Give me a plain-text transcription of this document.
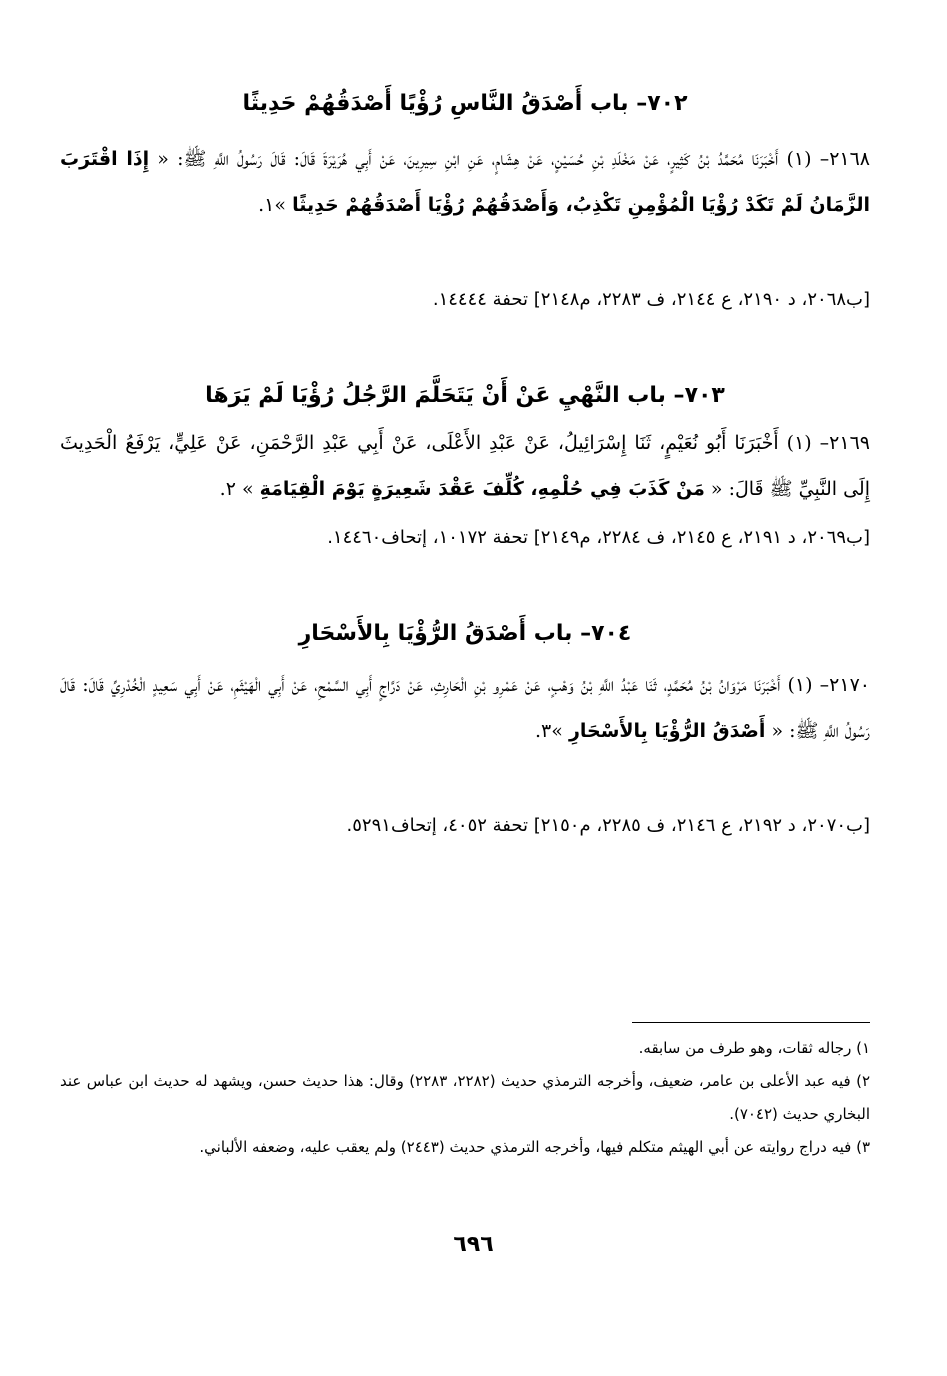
٧٠٢– باب أَصْدَقُ النَّاسِ رُؤْيًا أَصْدَقُهُمْ حَدِيثًا
٢١٦٨– (١) أَخْبَرَنَا مُحَمَّدُ بْنُ كَثِيرٍ، عَنْ مَخْلَدِ بْنِ حُسَيْنٍ، عَنْ هِشَامٍ، عَنِ ابْنِ سِيرِينَ، عَنْ أَبِي هُرَيْرَةَ قَالَ: قَالَ رَسُولُ اللَّهِ ﷺ: « إِذَا اقْتَرَبَ الزَّمَانُ لَمْ تَكَدْ رُؤْيَا الْمُؤْمِنِ تَكْذِبُ، وَأَصْدَقُهُمْ رُؤْيَا أَصْدَقُهُمْ حَدِيثًا »١.
[ب٢٠٦٨، د ٢١٩٠، ع ٢١٤٤، ف ٢٢٨٣، م٢١٤٨] تحفة ١٤٤٤٤.
٧٠٣– باب النَّهْيِ عَنْ أَنْ يَتَحَلَّمَ الرَّجُلُ رُؤْيَا لَمْ يَرَهَا
٢١٦٩– (١) أَخْبَرَنَا أَبُو نُعَيْمٍ، ثَنَا إِسْرَائِيلُ، عَنْ عَبْدِ الأَعْلَى، عَنْ أَبِي عَبْدِ الرَّحْمَنِ، عَنْ عَلِيٍّ، يَرْفَعُ الْحَدِيثَ إِلَى النَّبِيِّ ﷺ قَالَ: « مَنْ كَذَبَ فِي حُلْمِهِ، كُلِّفَ عَقْدَ شَعِيرَةٍ يَوْمَ الْقِيَامَةِ » ٢.
[ب٢٠٦٩، د ٢١٩١، ع ٢١٤٥، ف ٢٢٨٤، م٢١٤٩] تحفة ١٠١٧٢، إتحاف١٤٤٦٠.
٧٠٤– باب أَصْدَقُ الرُّؤْيَا بِالأَسْحَارِ
٢١٧٠– (١) أَخْبَرَنَا مَرْوَانُ بْنُ مُحَمَّدٍ، ثَنَا عَبْدُ اللَّهِ بْنُ وَهْبٍ، عَنْ عَمْرِو بْنِ الْحَارِثِ، عَنْ دَرَّاجٍ أَبِي السَّمْحِ، عَنْ أَبِي الْهَيْثَمِ، عَنْ أَبِي سَعِيدٍ الْخُدْرِيِّ قَالَ: قَالَ رَسُولُ اللَّهِ ﷺ: « أَصْدَقُ الرُّؤْيَا بِالأَسْحَارِ »٣.
[ب٢٠٧٠، د ٢١٩٢، ع ٢١٤٦، ف ٢٢٨٥، م٢١٥٠] تحفة ٤٠٥٢، إتحاف٥٢٩١.

١) رجاله ثقات، وهو طرف من سابقه.

٢) فيه عبد الأعلى بن عامر، ضعيف، وأخرجه الترمذي حديث (٢٢٨٢، ٢٢٨٣) وقال: هذا حديث حسن، ويشهد له حديث ابن عباس عند البخاري حديث (٧٠٤٢).

٣) فيه دراج روايته عن أبي الهيثم متكلم فيها، وأخرجه الترمذي حديث (٢٤٤٣) ولم يعقب عليه، وضعفه الألباني.

٦٩٦
